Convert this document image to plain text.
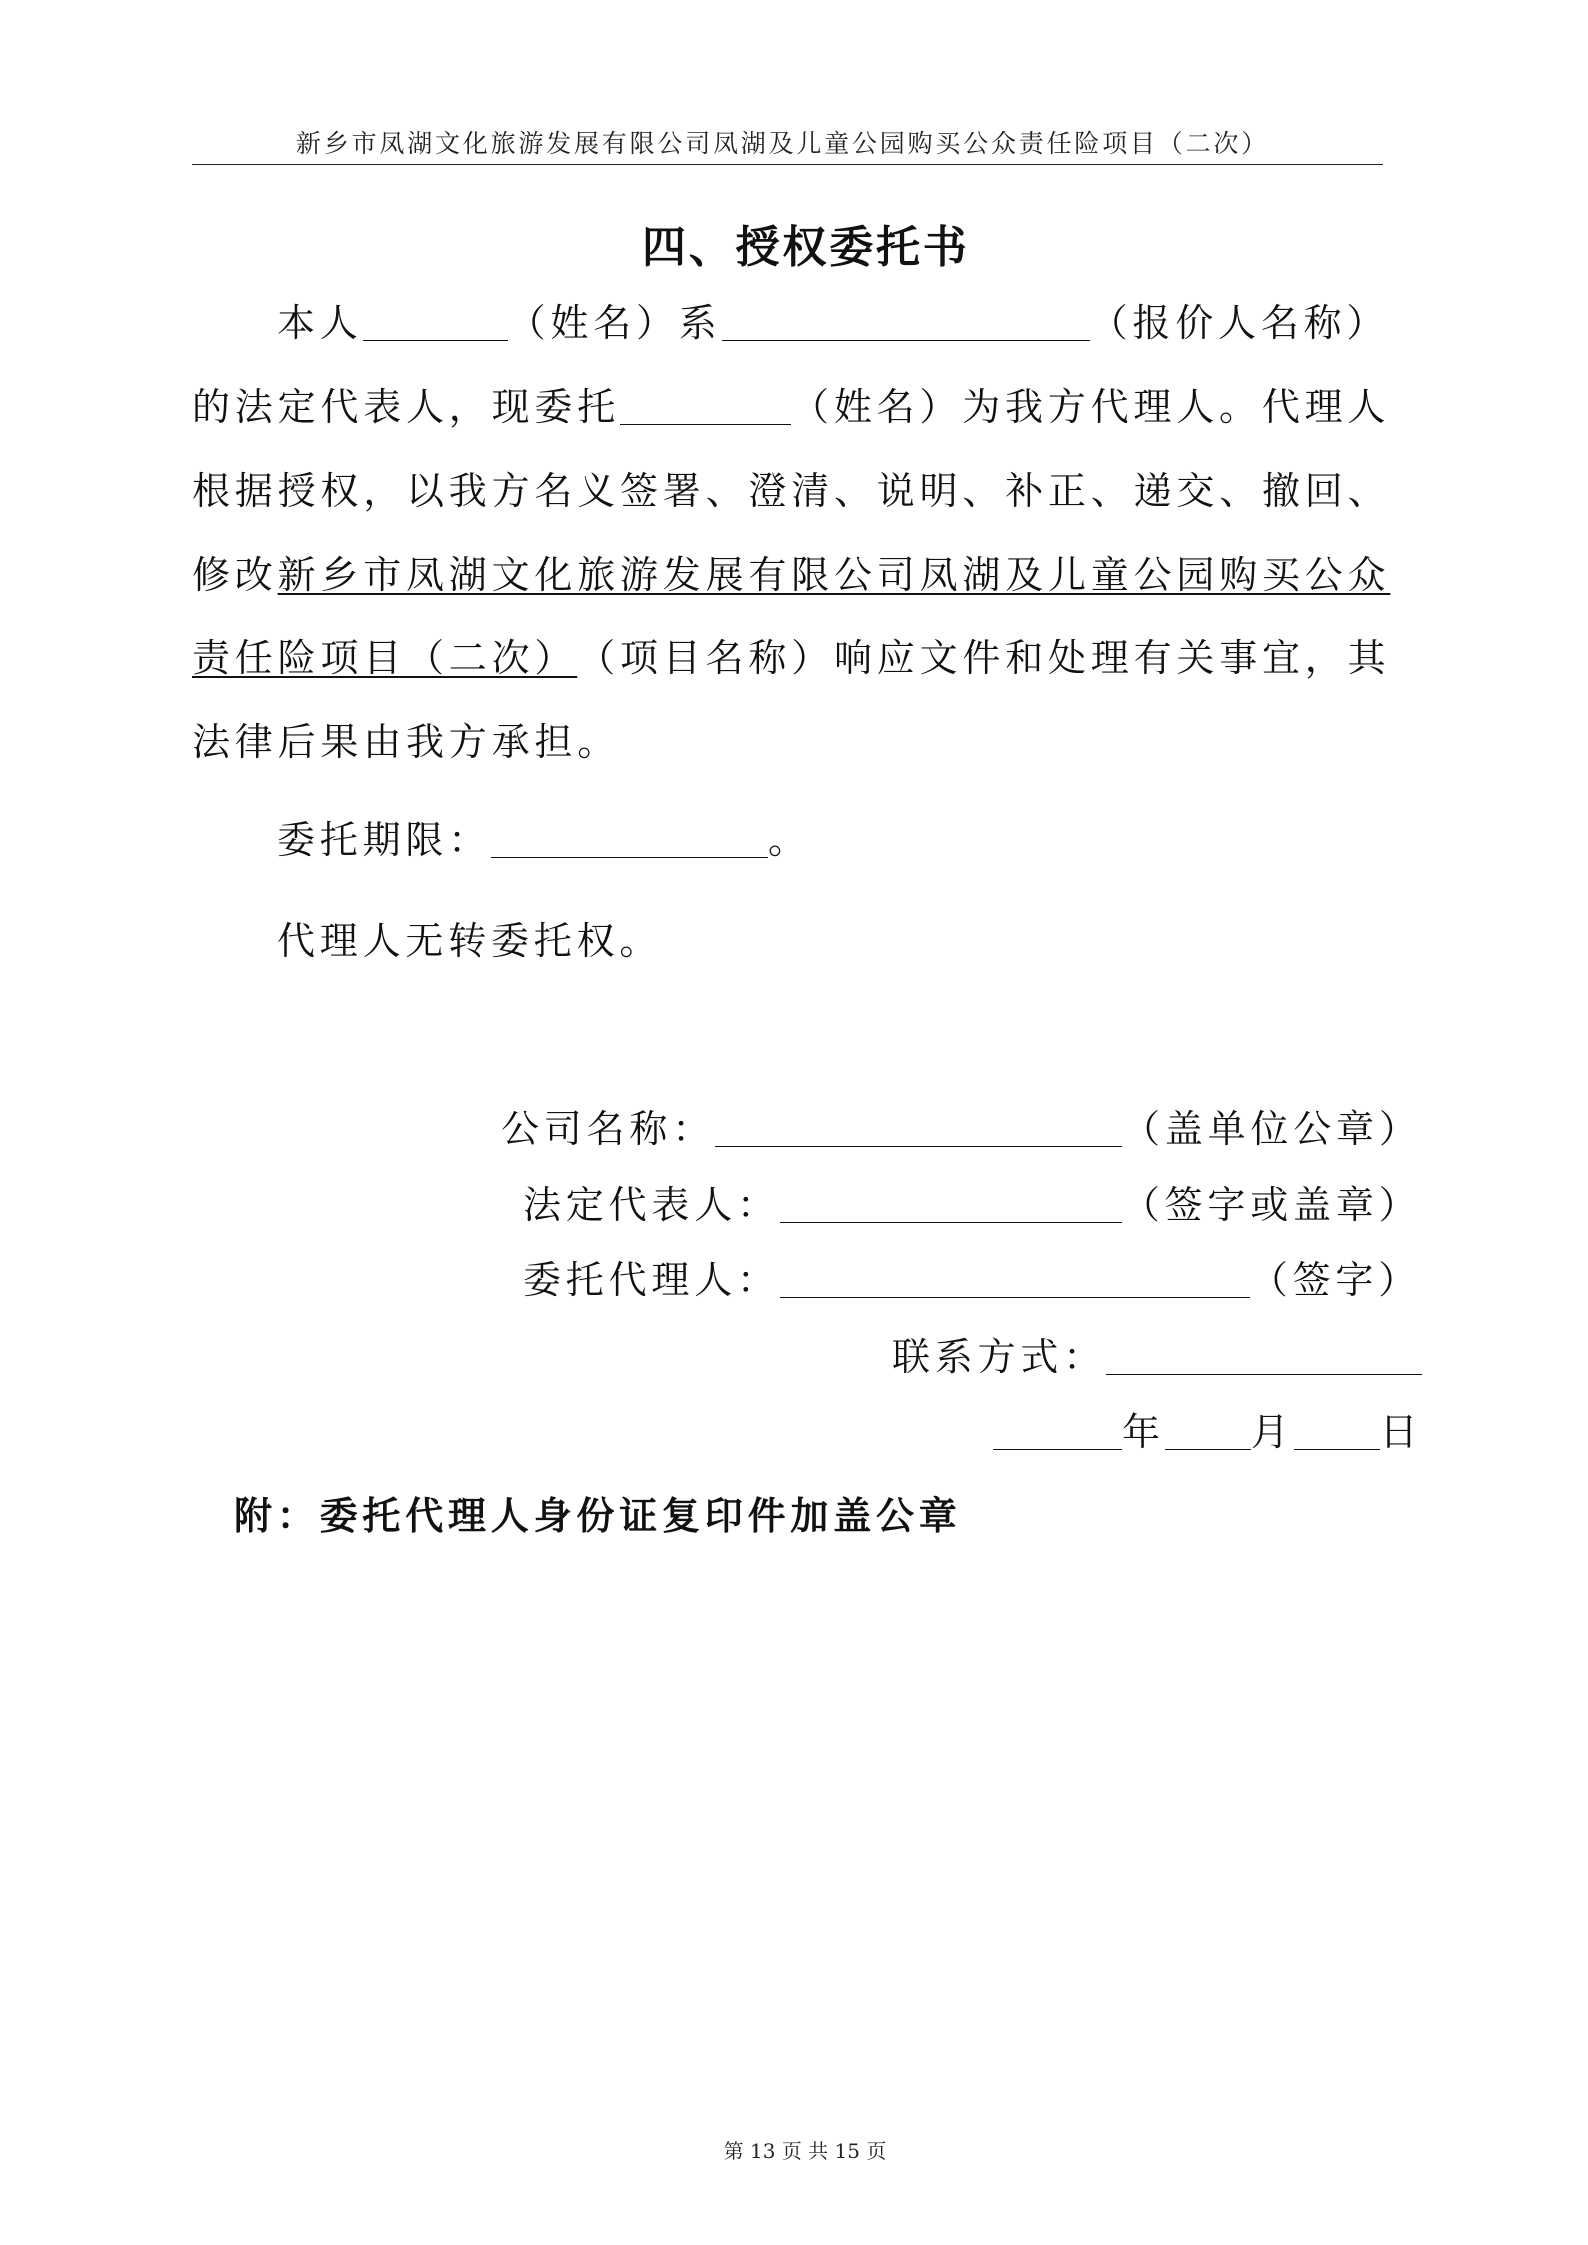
新乡市凤湖文化旅游发展有限公司凤湖及儿童公园购买公众责任险项目（二次）
四、授权委托书
本人	（姓名）系	（报价人名称）
的法定代表人，现委托	（姓名）为我方代理人。代理人
根据授权，以我方名义签署、澄清、说明、补正、递交、撤回、
修改 新乡市凤湖文化旅游发展有限公司凤湖及儿童公园购买公众
责任险项目（二次） （项目名称）响应文件和处理有关事宜，其
法律后果由我方承担。
委托期限：	。
代理人无转委托权。
公司名称：	（盖单位公章）
法定代表人：	（签字或盖章）
委托代理人：	（签字）
联系方式：
年 月 日
附：委托代理人身份证复印件加盖公章
第 13 页 共 15 页
